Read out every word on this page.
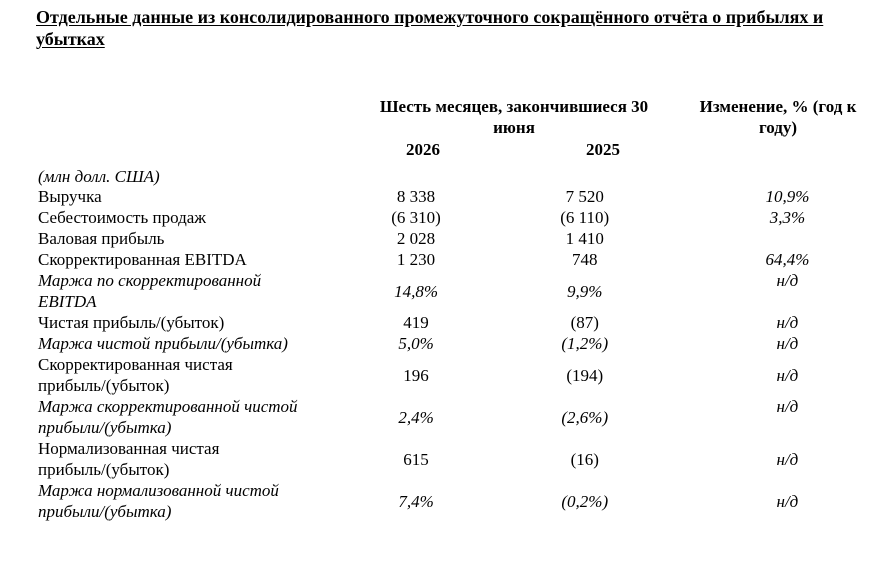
Отдельные данные из консолидированного промежуточного сокращённого отчёта о прибылях и убытках
Шесть месяцев, закончившиеся 30 июня
Изменение, % (год к году)
2026	2025
(млн долл. США)
Выручка	8 338	7 520	10,9%
Себестоимость продаж	(6 310)	(6 110)	3,3%
Валовая прибыль	2 028	1 410	
Скорректированная EBITDA	1 230	748	64,4%
Маржа по скорректированной EBITDA	14,8%	9,9%	н/д
Чистая прибыль/(убыток)	419	(87)	н/д
Маржа чистой прибыли/(убытка)	5,0%	(1,2%)	н/д
Скорректированная чистая прибыль/(убыток)	196	(194)	н/д
Маржа скорректированной чистой прибыли/(убытка)	2,4%	(2,6%)	н/д
Нормализованная чистая прибыль/(убыток)	615	(16)	н/д
Маржа нормализованной чистой прибыли/(убытка)	7,4%	(0,2%)	н/д
